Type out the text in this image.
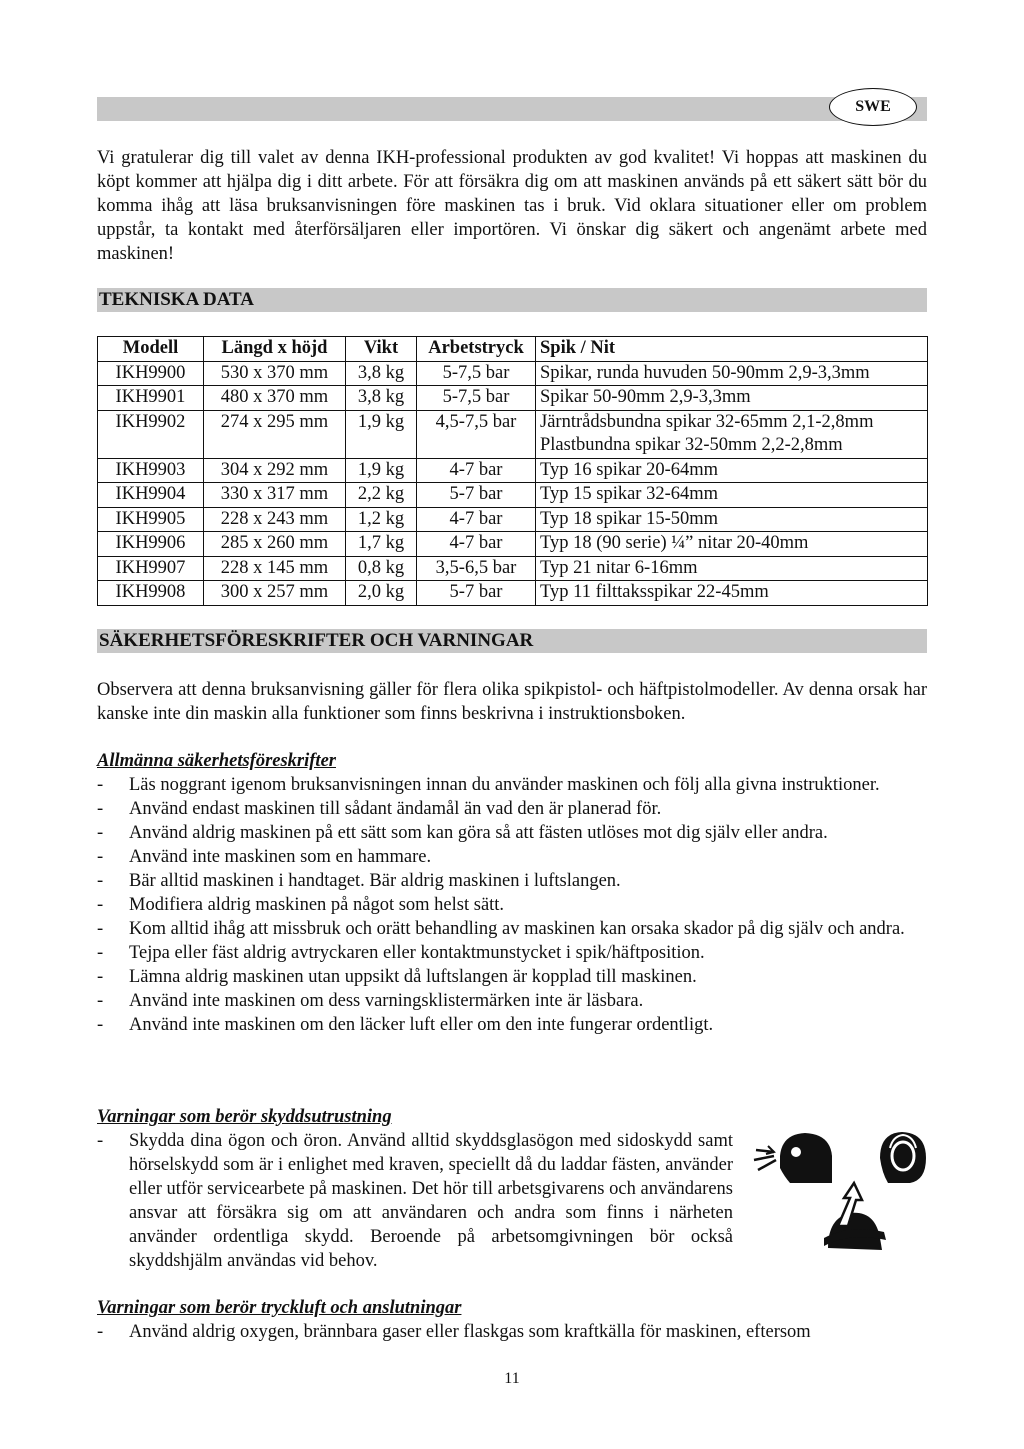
SWE

Vi gratulerar dig till valet av denna IKH-professional produkten av god kvalitet! Vi hoppas att maskinen du köpt kommer att hjälpa dig i ditt arbete. För att försäkra dig om att maskinen används på ett säkert sätt bör du komma ihåg att läsa bruksanvisningen före maskinen tas i bruk. Vid oklara situationer eller om problem uppstår, ta kontakt med återförsäljaren eller importören. Vi önskar dig säkert och angenämt arbete med maskinen!

TEKNISKA DATA
Modell	Längd x höjd	Vikt	Arbetstryck	Spik / Nit
IKH9900	530 x 370 mm	3,8 kg	5-7,5 bar	Spikar, runda huvuden 50-90mm 2,9-3,3mm
IKH9901	480 x 370 mm	3,8 kg	5-7,5 bar	Spikar 50-90mm 2,9-3,3mm
IKH9902	274 x 295 mm	1,9 kg	4,5-7,5 bar	Järntrådsbundna spikar 32-65mm 2,1-2,8mm
Plastbundna spikar 32-50mm 2,2-2,8mm

IKH9903	304 x 292 mm	1,9 kg	4-7 bar	Typ 16 spikar 20-64mm
IKH9904	330 x 317 mm	2,2 kg	5-7 bar	Typ 15 spikar 32-64mm
IKH9905	228 x 243 mm	1,2 kg	4-7 bar	Typ 18 spikar 15-50mm
IKH9906	285 x 260 mm	1,7 kg	4-7 bar	Typ 18 (90 serie) ¼” nitar 20-40mm
IKH9907	228 x 145 mm	0,8 kg	3,5-6,5 bar	Typ 21 nitar 6-16mm
IKH9908	300 x 257 mm	2,0 kg	5-7 bar	Typ 11 filttaksspikar 22-45mm
SÄKERHETSFÖRESKRIFTER OCH VARNINGAR

Observera att denna bruksanvisning gäller för flera olika spikpistol- och häftpistolmodeller. Av denna orsak har kanske inte din maskin alla funktioner som finns beskrivna i instruktionsboken.

Allmänna säkerhetsföreskrifter
- Läs noggrant igenom bruksanvisningen innan du använder maskinen och följ alla givna instruktioner.
- Använd endast maskinen till sådant ändamål än vad den är planerad för.
- Använd aldrig maskinen på ett sätt som kan göra så att fästen utlöses mot dig själv eller andra.
- Använd inte maskinen som en hammare.
- Bär alltid maskinen i handtaget. Bär aldrig maskinen i luftslangen.
- Modifiera aldrig maskinen på något som helst sätt.
- Kom alltid ihåg att missbruk och orätt behandling av maskinen kan orsaka skador på dig själv och andra.
- Tejpa eller fäst aldrig avtryckaren eller kontaktmunstycket i spik/häftposition.
- Lämna aldrig maskinen utan uppsikt då luftslangen är kopplad till maskinen.
- Använd inte maskinen om dess varningsklistermärken inte är läsbara.
- Använd inte maskinen om den läcker luft eller om den inte fungerar ordentligt.
Varningar som berör skyddsutrustning
- Skydda dina ögon och öron. Använd alltid skyddsglasögon med sidoskydd samt hörselskydd som är i enlighet med kraven, speciellt då du laddar fästen, använder eller utför servicearbete på maskinen. Det hör till arbetsgivarens och användarens ansvar att försäkra sig om att användaren och andra som finns i närheten använder ordentliga skydd. Beroende på arbetsomgivningen bör också skyddshjälm användas vid behov.
Varningar som berör tryckluft och anslutningar
- Använd aldrig oxygen, brännbara gaser eller flaskgas som kraftkälla för maskinen, eftersom
11
